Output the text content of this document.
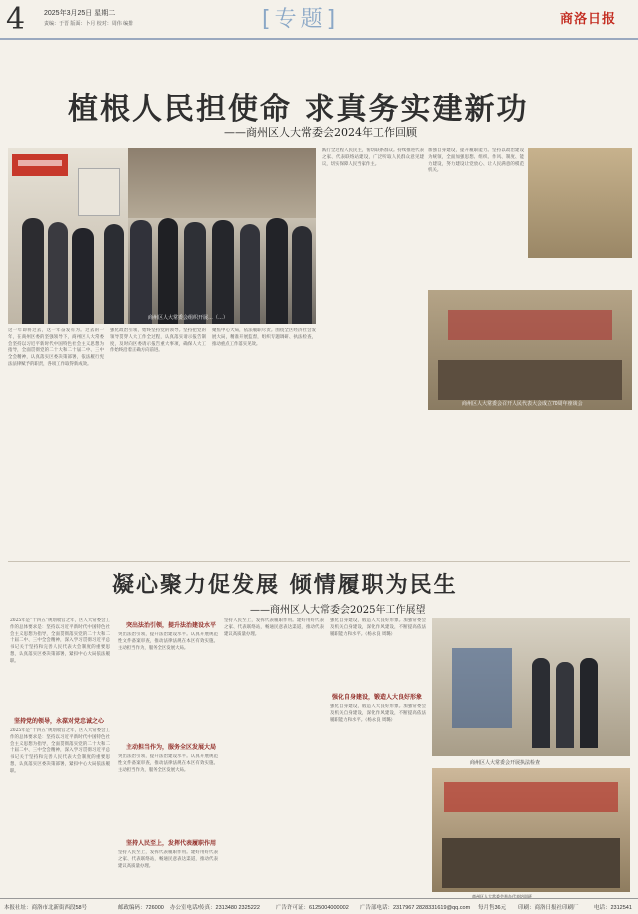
4	2025年3月25日 星期二
责编：于晋 版面：卜月 校对：周伟 编排	[专题]	商洛日报
植根人民担使命 求真务实建新功
——商州区人大常委会2024年工作回顾
商州区人大常委会组织开展…（…）
这一年即将过去，这一年奋发有为。过去的一年，在商州区委的坚强领导下，商州区人大常委会坚持以习近平新时代中国特色社会主义思想为指导，全面贯彻党的二十大和二十届二中、三中全会精神，认真落实区委决策部署，依法履行宪法法律赋予的职责，各项工作取得新成效。
强化政治引领，始终坚持党的领导。坚持把党的领导贯穿人大工作全过程，认真落实请示报告制度，及时向区委请示报告重大事项，确保人大工作始终沿着正确方向前进。
聚焦中心大局，依法履职尽责。围绕全区经济社会发展大局，精准开展监督，组织专题调研、执法检查，推动重点工作落实见效。
践行全过程人民民主，密切联系群众。持续推进代表之家、代表联络站建设，广泛听取人民群众意见建议，切实保障人民当家作主。
加强自身建设，提升履职能力。坚持以政治建设为统领，全面加强思想、组织、作风、制度、能力建设，努力建设让党放心、让人民满意的模范机关。
商州区人大常委会召开人民代表大会成立70周年座谈会
凝心聚力促发展 倾情履职为民生
——商州区人大常委会2025年工作展望
2025年是“十四五”规划收官之年，区人大常委会工作的总体要求是：坚持以习近平新时代中国特色社会主义思想为指导，全面贯彻落实党的二十大和二十届二中、三中全会精神，深入学习贯彻习近平总书记关于坚持和完善人民代表大会制度的重要思想，认真落实区委决策部署，紧扣中心大局依法履职。
坚持党的领导，永葆对党忠诚之心
2025年是“十四五”规划收官之年，区人大常委会工作的总体要求是：坚持以习近平新时代中国特色社会主义思想为指导，全面贯彻落实党的二十大和二十届二中、三中全会精神，深入学习贯彻习近平总书记关于坚持和完善人民代表大会制度的重要思想，认真落实区委决策部署，紧扣中心大局依法履职。
突出法治引领，提升法治建设水平
突出法治引领，提升法治建设水平。认真开展规范性文件备案审查，推动法律法规在本区有效实施。主动担当作为，服务全区发展大局。
主动担当作为，服务全区发展大局
突出法治引领，提升法治建设水平。认真开展规范性文件备案审查，推动法律法规在本区有效实施。主动担当作为，服务全区发展大局。
坚持人民至上，发挥代表履职作用
坚持人民至上，发挥代表履职作用。建好用好代表之家、代表联络站，畅通民意表达渠道，推动代表建议高质量办理。
坚持人民至上，发挥代表履职作用。建好用好代表之家、代表联络站，畅通民意表达渠道，推动代表建议高质量办理。
强化自身建设，锻造人大良好形象
强化自身建设，锻造人大良好形象。加强常委会及机关自身建设，深化作风建设，不断提高依法履职能力和水平。（杨永良 周璐）
强化自身建设，锻造人大良好形象。加强常委会及机关自身建设，深化作风建设，不断提高依法履职能力和水平。（杨永良 周璐）
商州区人大常委会开展执法检查
商州区人大常委会举办代表培训班
本报社址：商洛市北新街西段58号	邮政编码：726000 办公室电话/传真：2313480 2325222	广告许可证：6125004000002 广告部电话：2317967 2828331619@qq.com 每月售36元 印刷：商洛日报社印刷厂	电话：2312541
